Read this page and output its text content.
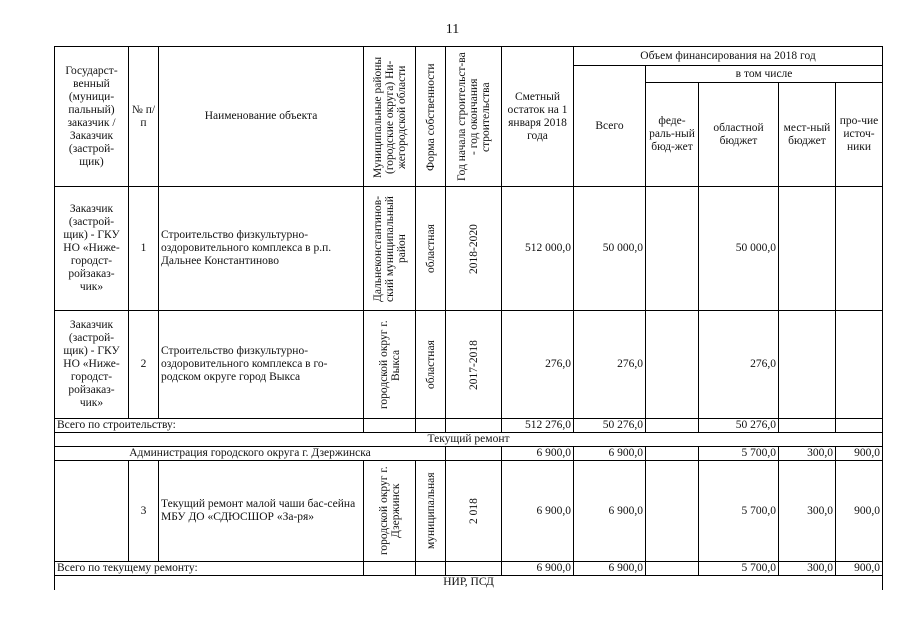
11
Государст-венный (муници-пальный) заказчик / Заказчик (застрой-щик)	№ п/п	Наименование объекта	Муниципальные районы (городские округа) Ни-жегородской области	Форма собственности	Год начала строительст-ва - год окончания строительства	Сметный остаток на 1 января 2018 года	Объем финансирования на 2018 год				
							Всего	в том числе			
								феде-раль-ный бюд-жет	областной бюджет	мест-ный бюджет	про-чие источ-ники
Заказчик (застрой-щик) - ГКУ НО «Ниже-городст-ройзаказ-чик»	1	Строительство физкультурно-оздоровительного комплекса в р.п. Дальнее Константиново	Дальнеконстантинов-ский муниципальный район	областная	2018-2020	512 000,0	50 000,0		50 000,0		
Заказчик (застрой-щик) - ГКУ НО «Ниже-городст-ройзаказ-чик»	2	Строительство физкультурно-оздоровительного комплекса в го-родском округе город Выкса	городской округ г. Выкса	областная	2017-2018	276,0	276,0		276,0		
Всего по строительству:						512 276,0	50 276,0		50 276,0		
Текущий ремонт											
Администрация городского округа г. Дзержинска						6 900,0	6 900,0		5 700,0	300,0	900,0
	3	Текущий ремонт малой чаши бас-сейна МБУ ДО «СДЮСШОР «За-ря»	городской округ г. Дзержинск	муниципальная	2 018	6 900,0	6 900,0		5 700,0	300,0	900,0
Всего по текущему ремонту:						6 900,0	6 900,0		5 700,0	300,0	900,0
НИР, ПСД											
